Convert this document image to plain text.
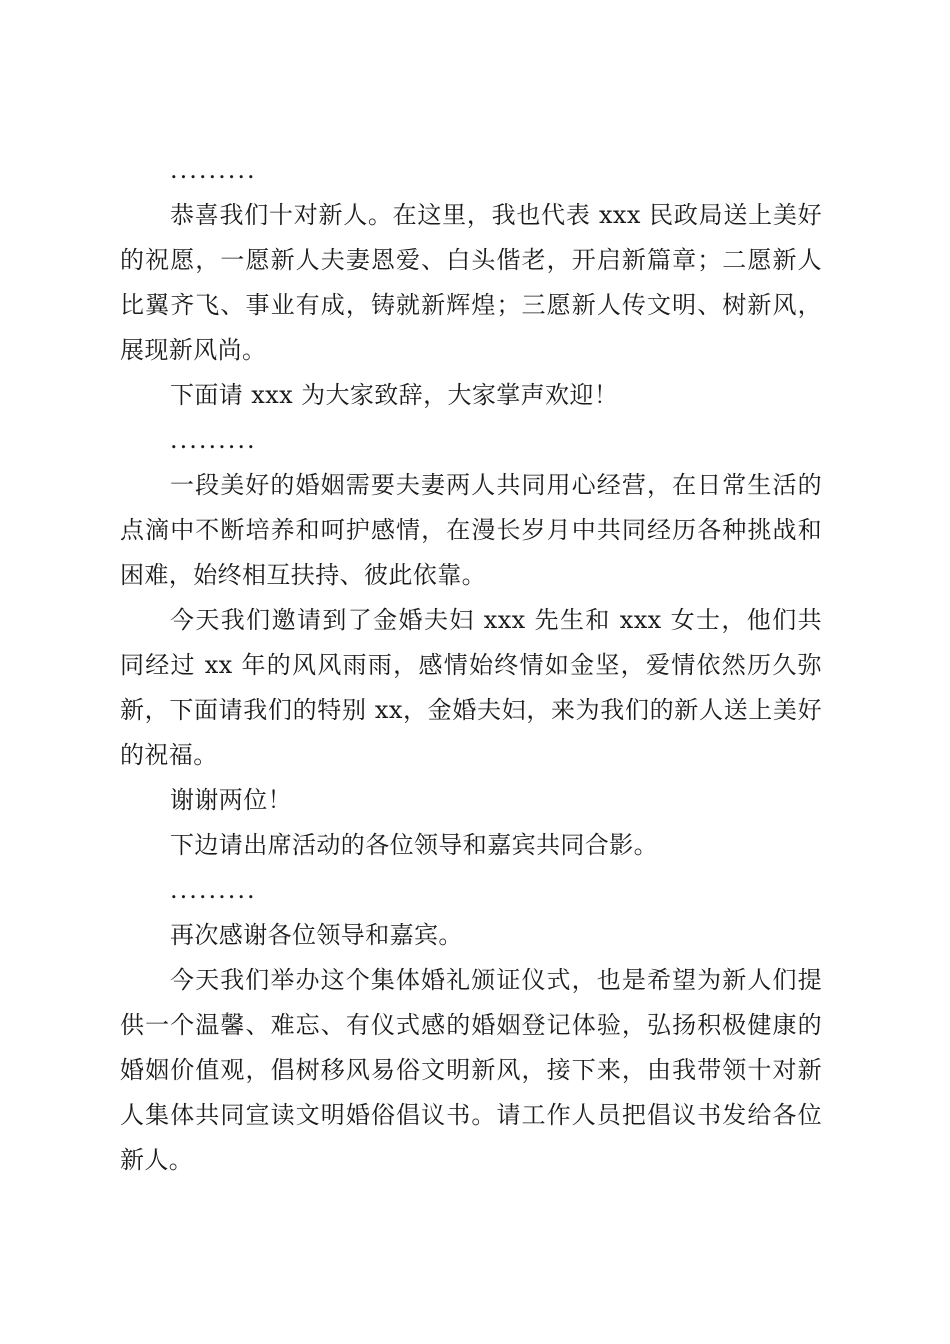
.........

恭喜我们十对新人。在这里，我也代表 xxx 民政局送上美好的祝愿，一愿新人夫妻恩爱、白头偕老，开启新篇章；二愿新人比翼齐飞、事业有成，铸就新辉煌；三愿新人传文明、树新风，展现新风尚。

下面请 xxx 为大家致辞，大家掌声欢迎！

.........

一段美好的婚姻需要夫妻两人共同用心经营，在日常生活的点滴中不断培养和呵护感情，在漫长岁月中共同经历各种挑战和困难，始终相互扶持、彼此依靠。

今天我们邀请到了金婚夫妇 xxx 先生和 xxx 女士，他们共同经过 xx 年的风风雨雨，感情始终情如金坚，爱情依然历久弥新，下面请我们的特别 xx，金婚夫妇，来为我们的新人送上美好的祝福。

谢谢两位！

下边请出席活动的各位领导和嘉宾共同合影。

.........

再次感谢各位领导和嘉宾。

今天我们举办这个集体婚礼颁证仪式，也是希望为新人们提供一个温馨、难忘、有仪式感的婚姻登记体验，弘扬积极健康的婚姻价值观，倡树移风易俗文明新风，接下来，由我带领十对新人集体共同宣读文明婚俗倡议书。请工作人员把倡议书发给各位新人。
